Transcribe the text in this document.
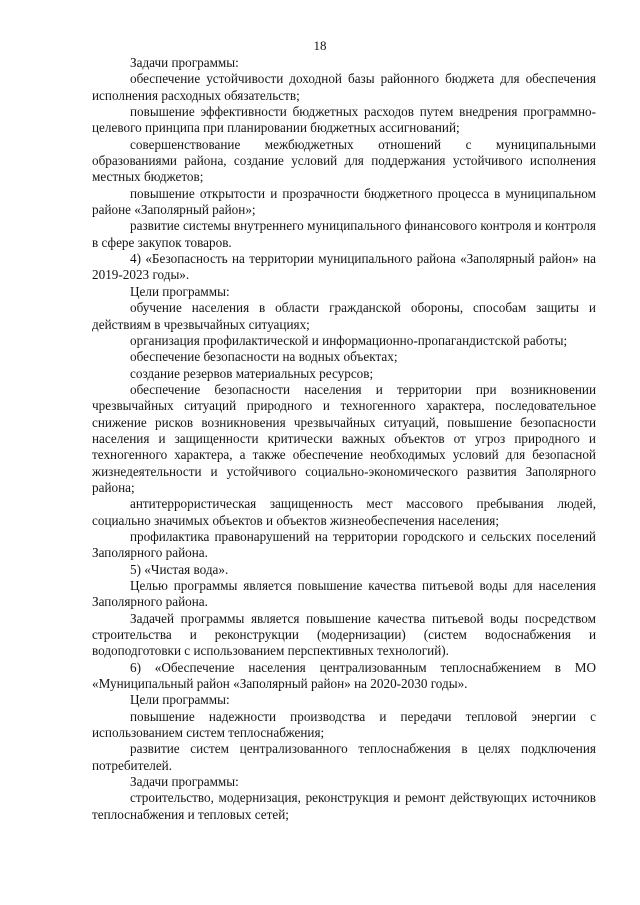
18

Задачи программы:

обеспечение устойчивости доходной базы районного бюджета для обеспечения исполнения расходных обязательств;

повышение эффективности бюджетных расходов путем внедрения программно-целевого принципа при планировании бюджетных ассигнований;

совершенствование межбюджетных отношений с муниципальными образованиями района, создание условий для поддержания устойчивого исполнения местных бюджетов;

повышение открытости и прозрачности бюджетного процесса в муниципальном районе «Заполярный район»;

развитие системы внутреннего муниципального финансового контроля и контроля в сфере закупок товаров.

4) «Безопасность на территории муниципального района «Заполярный район» на 2019-2023 годы».

Цели программы:

обучение населения в области гражданской обороны, способам защиты и действиям в чрезвычайных ситуациях;

организация профилактической и информационно-пропагандистской работы;

обеспечение безопасности на водных объектах;

создание резервов материальных ресурсов;

обеспечение безопасности населения и территории при возникновении чрезвычайных ситуаций природного и техногенного характера, последовательное снижение рисков возникновения чрезвычайных ситуаций, повышение безопасности населения и защищенности критически важных объектов от угроз природного и техногенного характера, а также обеспечение необходимых условий для безопасной жизнедеятельности и устойчивого социально-экономического развития Заполярного района;

антитеррористическая защищенность мест массового пребывания людей, социально значимых объектов и объектов жизнеобеспечения населения;

профилактика правонарушений на территории городского и сельских поселений Заполярного района.

5) «Чистая вода».

Целью программы является повышение качества питьевой воды для населения Заполярного района.

Задачей программы является повышение качества питьевой воды посредством строительства и реконструкции (модернизации) (систем водоснабжения и водоподготовки с использованием перспективных технологий).

6) «Обеспечение населения централизованным теплоснабжением в МО «Муниципальный район «Заполярный район» на 2020-2030 годы».

Цели программы:

повышение надежности производства и передачи тепловой энергии с использованием систем теплоснабжения;

развитие систем централизованного теплоснабжения в целях подключения потребителей.

Задачи программы:

строительство, модернизация, реконструкция и ремонт действующих источников теплоснабжения и тепловых сетей;
